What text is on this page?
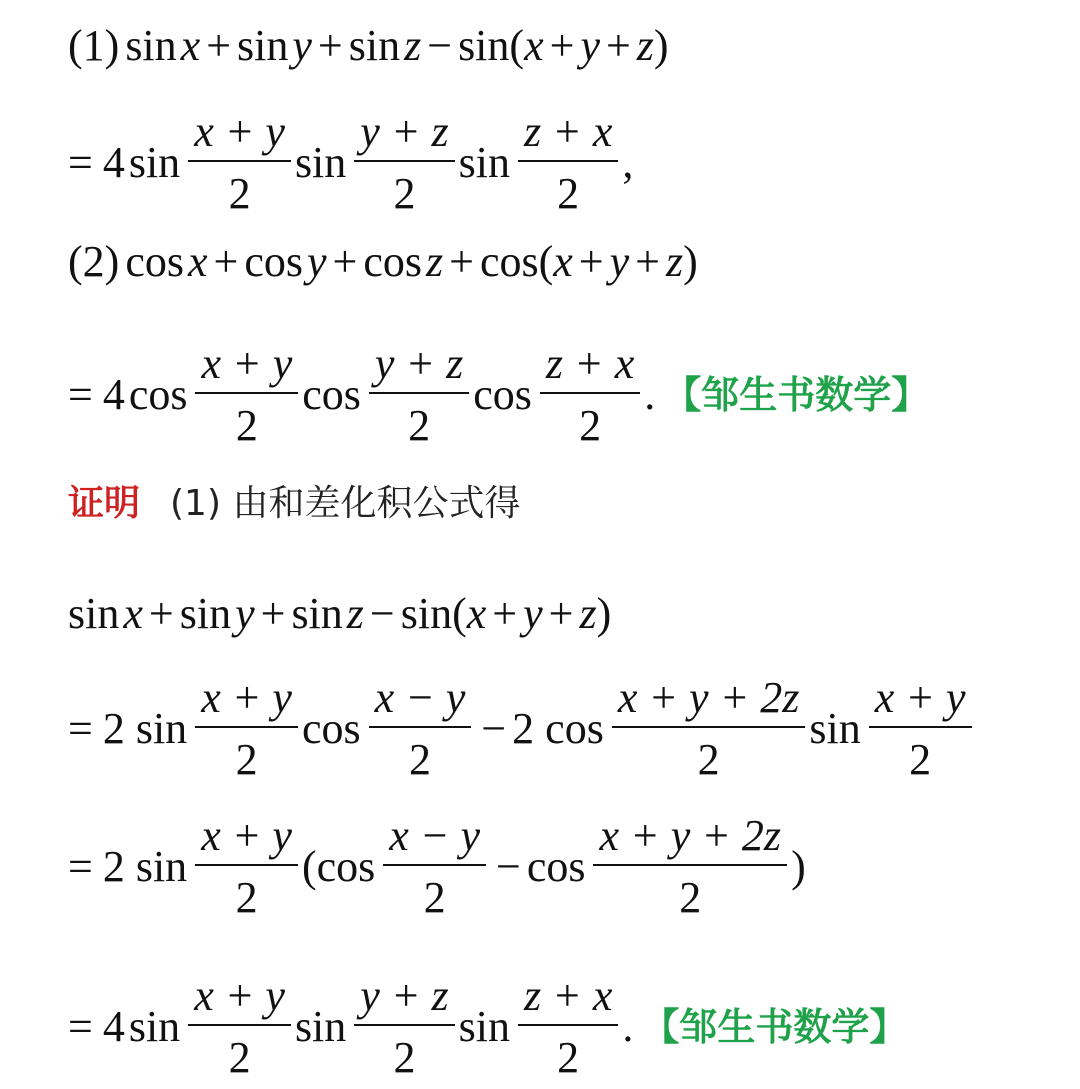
(1) sin x + sin y + sin z − sin ( x + y + z )
= 4 $\sin \frac{x + y}{2}$ $\sin \frac{y + z}{2}$ $\sin \frac{z + x}{2}$ ,
(2) cos x + cos y + cos z + cos ( x + y + z )
= 4 $\cos \frac{x + y}{2}$ $\cos \frac{y + z}{2}$ $\cos \frac{z + x}{2}$ . 【邹生书数学】
证明 (1) 由和差化积公式得
sin x + sin y + sin z − sin ( x + y + z )
= 2 $\sin \frac{x + y}{2}$ $\cos \frac{x - y}{2} - 2$ $\cos \frac{x + y + 2z}{2}$ $\sin \frac{x + y}{2}$
= 2 $\sin \frac{x + y}{2}$ ( $\cos \frac{x - y}{2} - \cos \frac{x + y + 2z}{2}$ )
= 4 $\sin \frac{x + y}{2}$ $\sin \frac{y + z}{2}$ $\sin \frac{z + x}{2}$ . 【邹生书数学】
